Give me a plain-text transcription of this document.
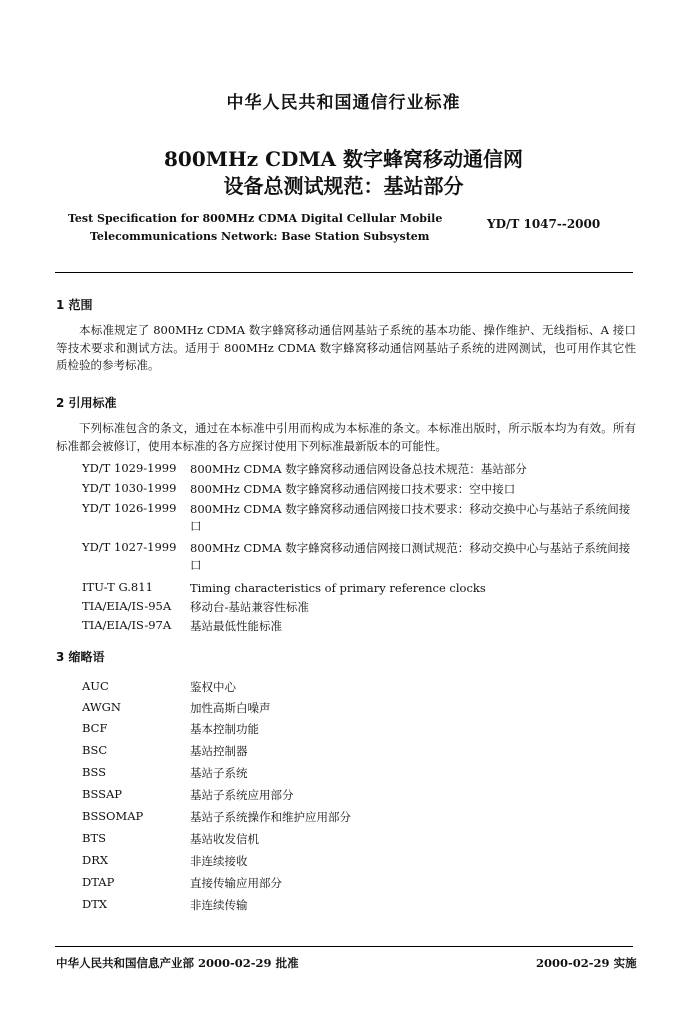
中华人民共和国通信行业标准
800MHz CDMA 数字蜂窝移动通信网
设备总测试规范：基站部分
Test Specification for 800MHz CDMA Digital Cellular Mobile
Telecommunications Network: Base Station Subsystem
YD/T 1047--2000
1 范围
本标准规定了 800MHz CDMA 数字蜂窝移动通信网基站子系统的基本功能、操作维护、无线指标、A 接口等技术要求和测试方法。适用于 800MHz CDMA 数字蜂窝移动通信网基站子系统的进网测试，也可用作其它性质检验的参考标准。
2 引用标准
下列标准包含的条文，通过在本标准中引用而构成为本标准的条文。本标准出版时，所示版本均为有效。所有标准都会被修订，使用本标准的各方应探讨使用下列标准最新版本的可能性。
YD/T 1029-1999 800MHz CDMA 数字蜂窝移动通信网设备总技术规范：基站部分
YD/T 1030-1999 800MHz CDMA 数字蜂窝移动通信网接口技术要求：空中接口
YD/T 1026-1999 800MHz CDMA 数字蜂窝移动通信网接口技术要求：移动交换中心与基站子系统间接口
YD/T 1027-1999 800MHz CDMA 数字蜂窝移动通信网接口测试规范：移动交换中心与基站子系统间接口
ITU-T G.811	Timing characteristics of primary reference clocks
TIA/EIA/IS-95A 移动台-基站兼容性标准
TIA/EIA/IS-97A 基站最低性能标准
3 缩略语
AUC	鉴权中心
AWGN	加性高斯白噪声
BCF	基本控制功能
BSC	基站控制器
BSS	基站子系统
BSSAP	基站子系统应用部分
BSSOMAP	基站子系统操作和维护应用部分
BTS	基站收发信机
DRX	非连续接收
DTAP	直接传输应用部分
DTX	非连续传输
中华人民共和国信息产业部 2000-02-29 批准	2000-02-29 实施
